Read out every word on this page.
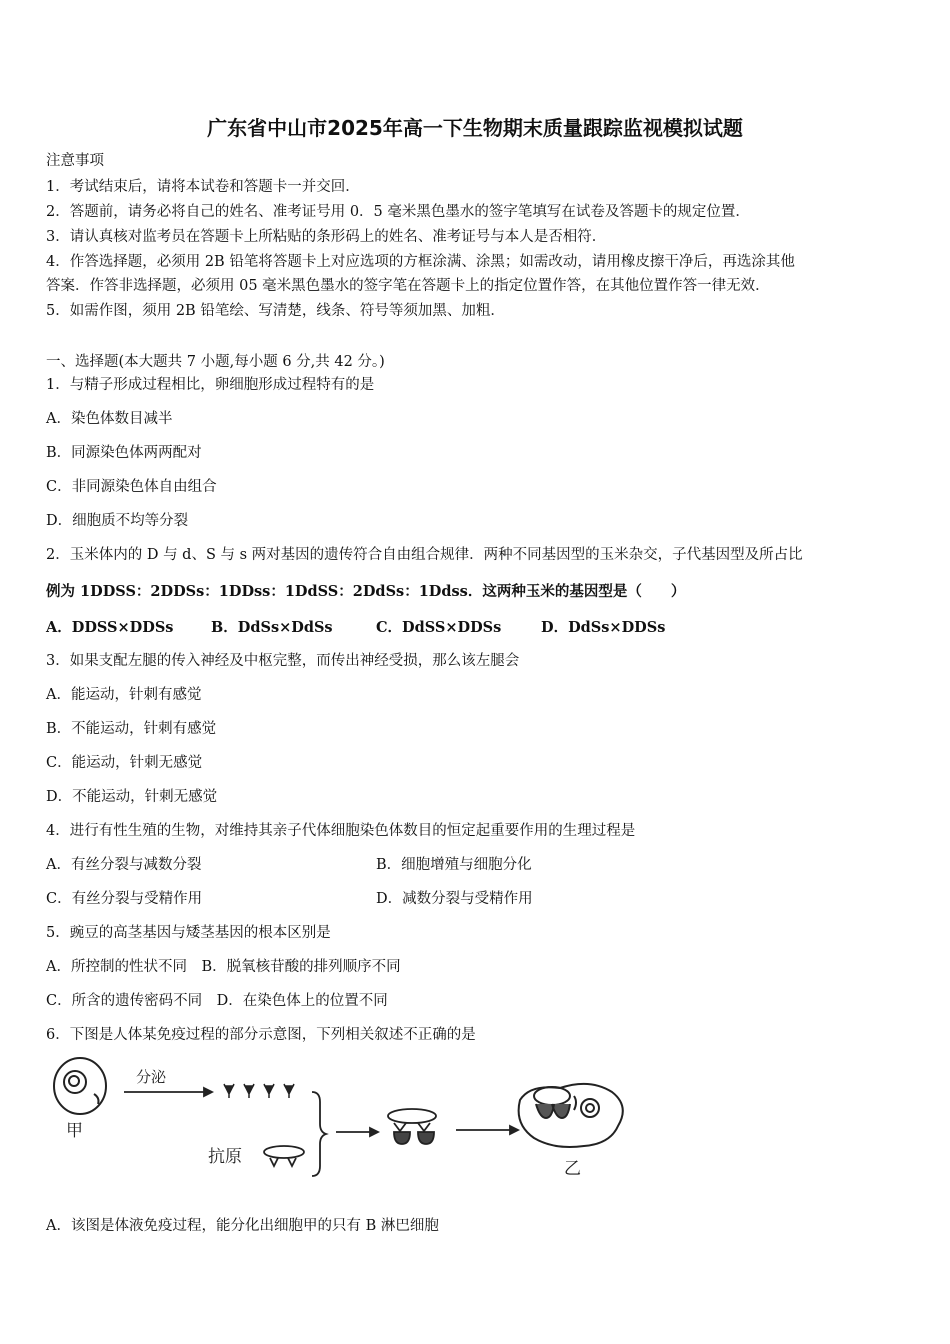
广东省中山市2025年高一下生物期末质量跟踪监视模拟试题
注意事项
1．考试结束后，请将本试卷和答题卡一并交回．
2．答题前，请务必将自己的姓名、准考证号用 0．5 毫米黑色墨水的签字笔填写在试卷及答题卡的规定位置．
3．请认真核对监考员在答题卡上所粘贴的条形码上的姓名、准考证号与本人是否相符．
4．作答选择题，必须用 2B 铅笔将答题卡上对应选项的方框涂满、涂黑；如需改动，请用橡皮擦干净后，再选涂其他
答案．作答非选择题，必须用 05 毫米黑色墨水的签字笔在答题卡上的指定位置作答，在其他位置作答一律无效．
5．如需作图，须用 2B 铅笔绘、写清楚，线条、符号等须加黑、加粗．
一、选择题(本大题共 7 小题,每小题 6 分,共 42 分。)
1．与精子形成过程相比，卵细胞形成过程特有的是
A．染色体数目减半
B．同源染色体两两配对
C．非同源染色体自由组合
D．细胞质不均等分裂
2．玉米体内的 D 与 d、S 与 s 两对基因的遗传符合自由组合规律．两种不同基因型的玉米杂交，子代基因型及所占比
例为 1DDSS：2DDSs：1DDss：1DdSS：2DdSs：1Ddss．这两种玉米的基因型是（　　）
A．DDSS×DDSs	B．DdSs×DdSs	C．DdSS×DDSs	D．DdSs×DDSs
3．如果支配左腿的传入神经及中枢完整，而传出神经受损，那么该左腿会
A．能运动，针刺有感觉
B．不能运动，针刺有感觉
C．能运动，针刺无感觉
D．不能运动，针刺无感觉
4．进行有性生殖的生物，对维持其亲子代体细胞染色体数目的恒定起重要作用的生理过程是
A．有丝分裂与减数分裂	B．细胞增殖与细胞分化
C．有丝分裂与受精作用	D．减数分裂与受精作用
5．豌豆的高茎基因与矮茎基因的根本区别是
A．所控制的性状不同　B．脱氧核苷酸的排列顺序不同
C．所含的遗传密码不同　D．在染色体上的位置不同
6．下图是人体某免疫过程的部分示意图，下列相关叙述不正确的是
甲
分泌
抗原
乙
A．该图是体液免疫过程，能分化出细胞甲的只有 B 淋巴细胞
